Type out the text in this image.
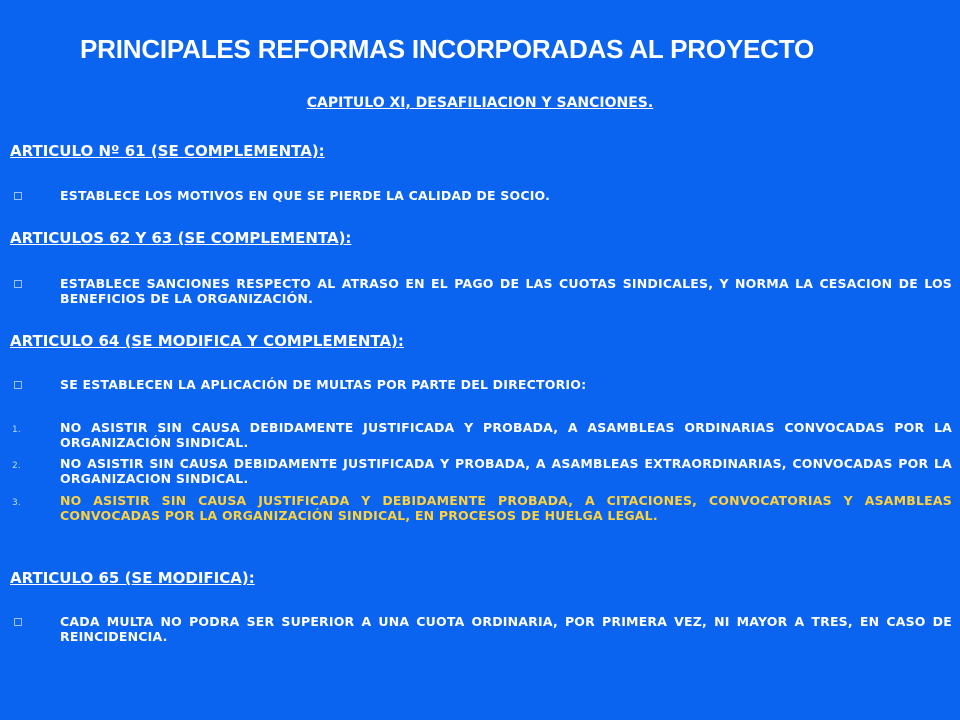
PRINCIPALES REFORMAS INCORPORADAS AL PROYECTO
CAPITULO XI, DESAFILIACION Y SANCIONES.
ARTICULO Nº 61 (SE COMPLEMENTA):
ESTABLECE LOS MOTIVOS EN QUE SE PIERDE LA CALIDAD DE SOCIO.
ARTICULOS 62 Y 63 (SE COMPLEMENTA):
ESTABLECE SANCIONES RESPECTO AL ATRASO EN EL PAGO DE LAS CUOTAS SINDICALES, Y NORMA LA CESACION DE LOS BENEFICIOS DE LA ORGANIZACIÓN.
ARTICULO 64 (SE MODIFICA Y COMPLEMENTA):
SE ESTABLECEN LA APLICACIÓN DE MULTAS POR PARTE DEL DIRECTORIO:
1.	NO ASISTIR SIN CAUSA DEBIDAMENTE JUSTIFICADA Y PROBADA, A ASAMBLEAS ORDINARIAS CONVOCADAS POR LA ORGANIZACIÓN SINDICAL.
2.	NO ASISTIR SIN CAUSA DEBIDAMENTE JUSTIFICADA Y PROBADA, A ASAMBLEAS EXTRAORDINARIAS, CONVOCADAS POR LA ORGANIZACION SINDICAL.
3.	NO ASISTIR SIN CAUSA JUSTIFICADA Y DEBIDAMENTE PROBADA, A CITACIONES, CONVOCATORIAS Y ASAMBLEAS CONVOCADAS POR LA ORGANIZACIÓN SINDICAL, EN PROCESOS DE HUELGA LEGAL.
ARTICULO 65 (SE MODIFICA):
CADA MULTA NO PODRA SER SUPERIOR A UNA CUOTA ORDINARIA, POR PRIMERA VEZ, NI MAYOR A TRES, EN CASO DE REINCIDENCIA.
